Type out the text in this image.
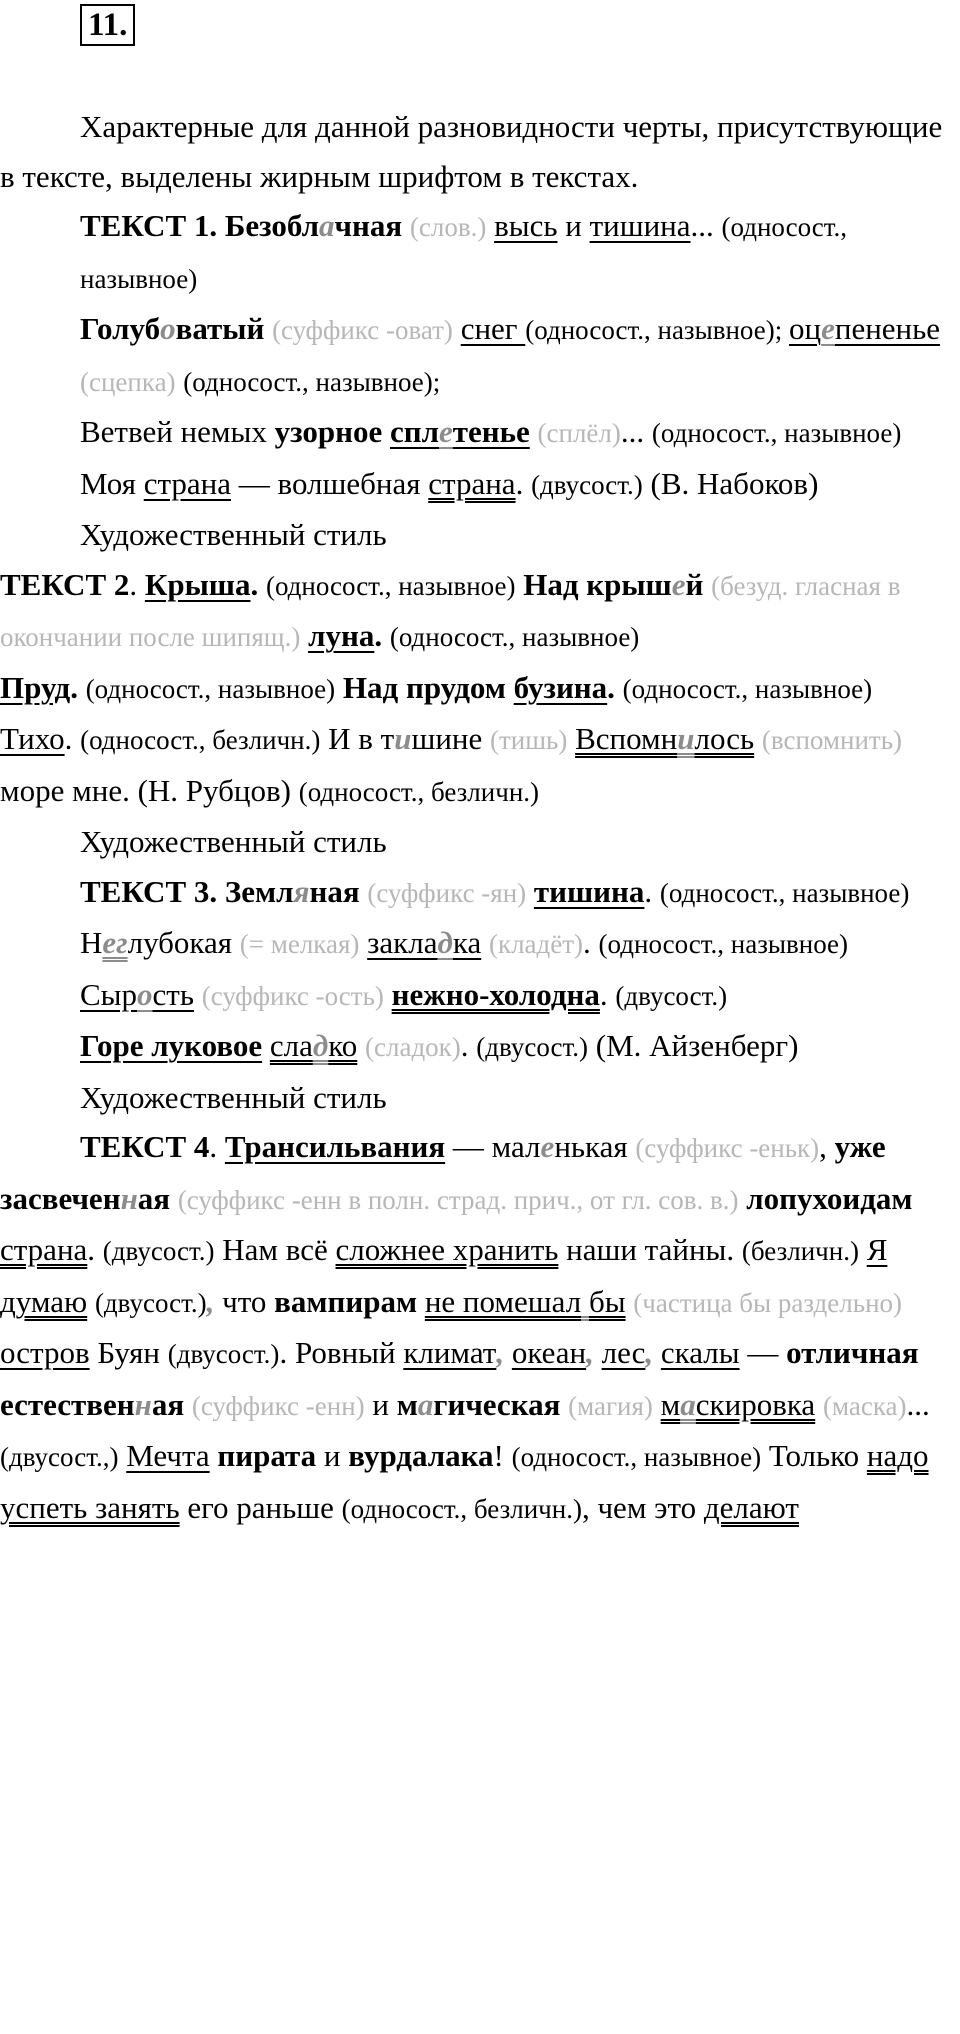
11.

Характерные для данной разновидности черты, присутствующие в тексте, выделены жирным шрифтом в текстах.

ТЕКСТ 1. Безоблачная (слов.) высь и тишина... (односост., назывное)

Голубоватый (суффикс -оват) снег (односост., назывное); оцепененье (сцепка) (односост., назывное);

Ветвей немых узорное сплетенье (сплёл)... (односост., назывное)

Моя страна — волшебная страна. (двусост.) (В. Набоков)

Художественный стиль

ТЕКСТ 2. Крыша. (односост., назывное) Над крышей (безуд. гласная в окончании после шипящ.) луна. (односост., назывное)

Пруд. (односост., назывное) Над прудом бузина. (односост., назывное)

Тихо. (односост., безличн.) И в тишине (тишь) Вспомнилось (вспомнить) море мне. (Н. Рубцов) (односост., безличн.)

Художественный стиль

ТЕКСТ 3. Земляная (суффикс -ян) тишина. (односост., назывное)

Неглубокая (= мелкая) закладка (кладёт). (односост., назывное)

Сырость (суффикс -ость) нежно-холодна. (двусост.)

Горе луковое сладко (сладок). (двусост.) (М. Айзенберг)

Художественный стиль

ТЕКСТ 4. Трансильвания — маленькая (суффикс -еньк), уже засвеченная (суффикс -енн в полн. страд. прич., от гл. сов. в.) лопухоидам страна. (двусост.) Нам всё сложнее хранить наши тайны. (безличн.) Я думаю (двусост.), что вампирам не помешал бы (частица бы раздельно) остров Буян (двусост.). Ровный климат, океан, лес, скалы — отличная естественная (суффикс -енн) и магическая (магия) маскировка (маска)... (двусост.,) Мечта пирата и вурдалака! (односост., назывное) Только надо успеть занять его раньше (односост., безличн.), чем это делают
